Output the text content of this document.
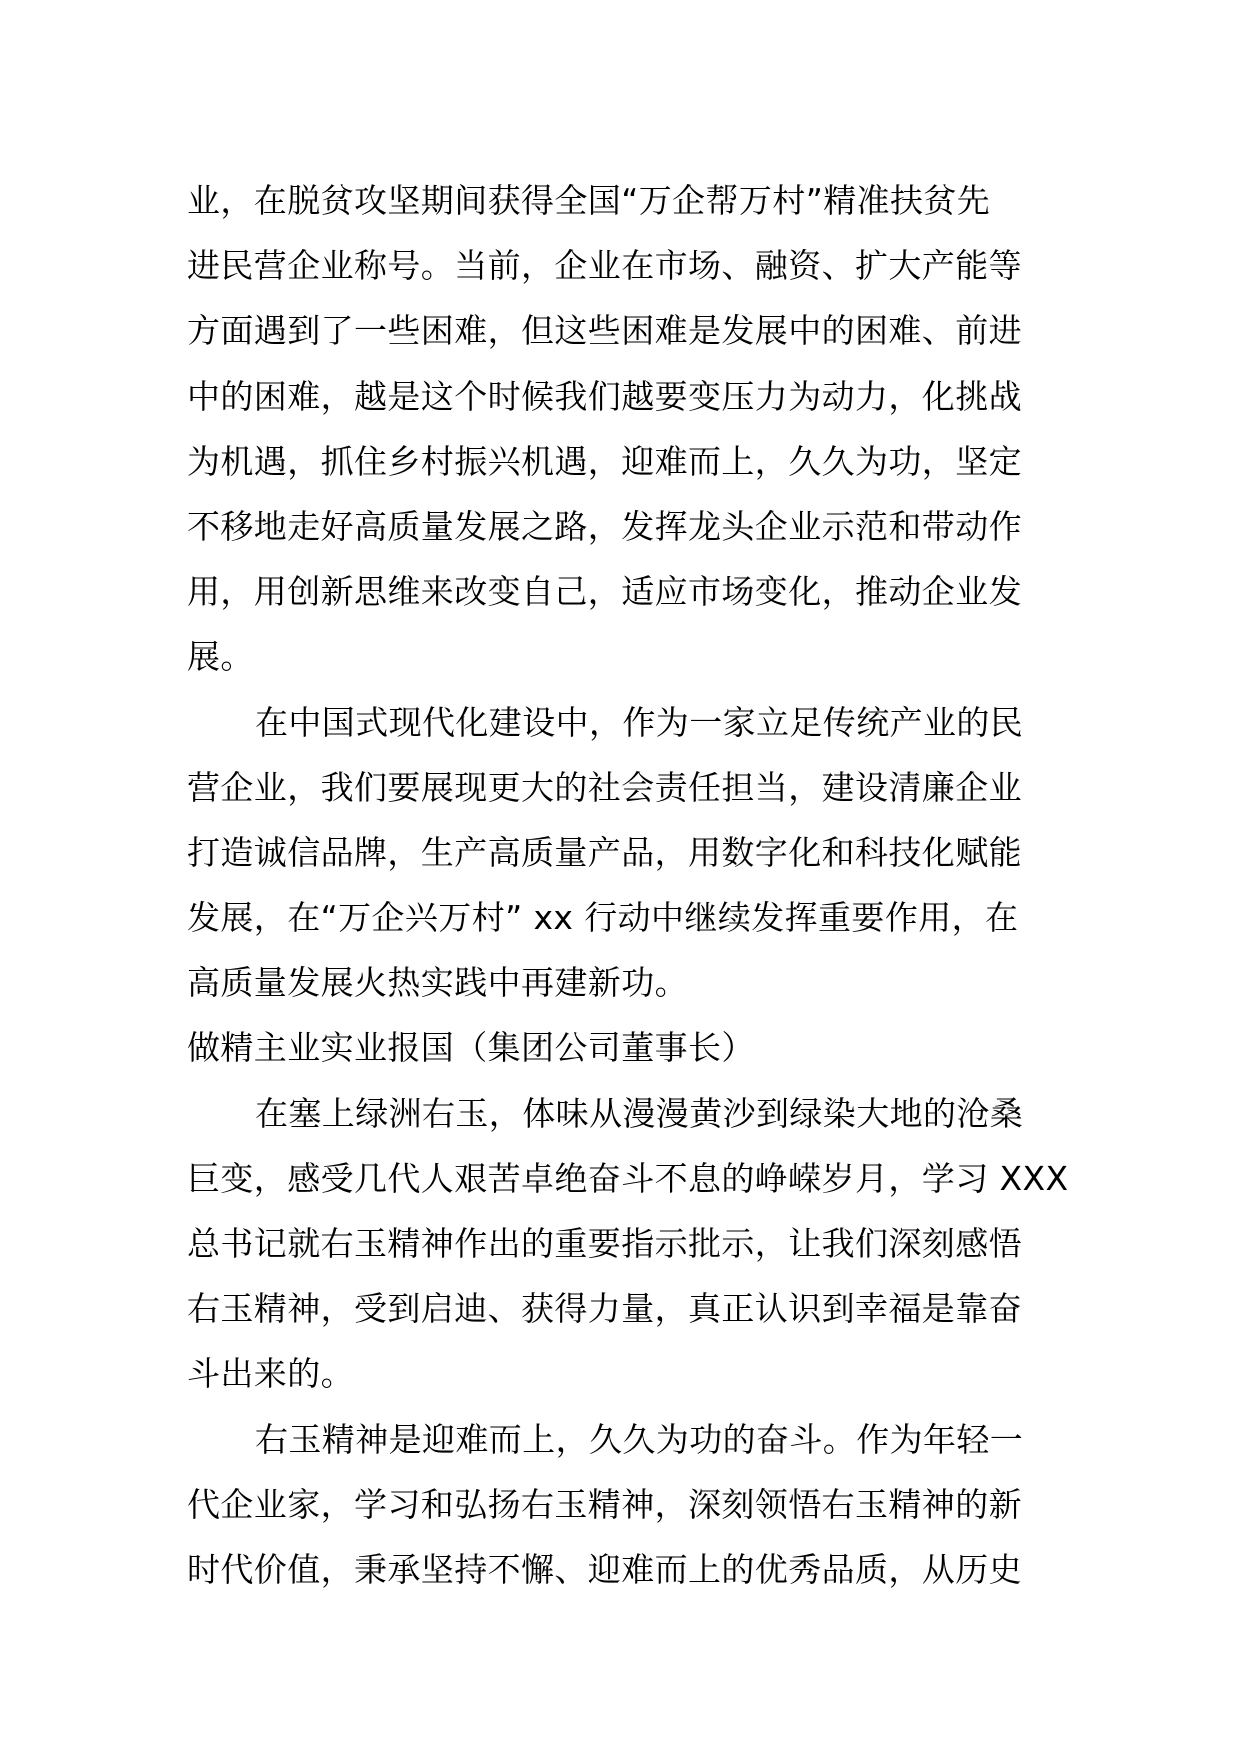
业，在脱贫攻坚期间获得全国“万企帮万村”精准扶贫先
进民营企业称号。当前，企业在市场、融资、扩大产能等
方面遇到了一些困难，但这些困难是发展中的困难、前进
中的困难，越是这个时候我们越要变压力为动力，化挑战
为机遇，抓住乡村振兴机遇，迎难而上，久久为功，坚定
不移地走好高质量发展之路，发挥龙头企业示范和带动作
用，用创新思维来改变自己，适应市场变化，推动企业发
展。
在中国式现代化建设中，作为一家立足传统产业的民
营企业，我们要展现更大的社会责任担当，建设清廉企业
打造诚信品牌，生产高质量产品，用数字化和科技化赋能
发展，在“万企兴万村” xx 行动中继续发挥重要作用，在
高质量发展火热实践中再建新功。
做精主业实业报国（集团公司董事长）
在塞上绿洲右玉，体味从漫漫黄沙到绿染大地的沧桑
巨变，感受几代人艰苦卓绝奋斗不息的峥嵘岁月，学习 XXX
总书记就右玉精神作出的重要指示批示，让我们深刻感悟
右玉精神，受到启迪、获得力量，真正认识到幸福是靠奋
斗出来的。
右玉精神是迎难而上，久久为功的奋斗。作为年轻一
代企业家，学习和弘扬右玉精神，深刻领悟右玉精神的新
时代价值，秉承坚持不懈、迎难而上的优秀品质，从历史
